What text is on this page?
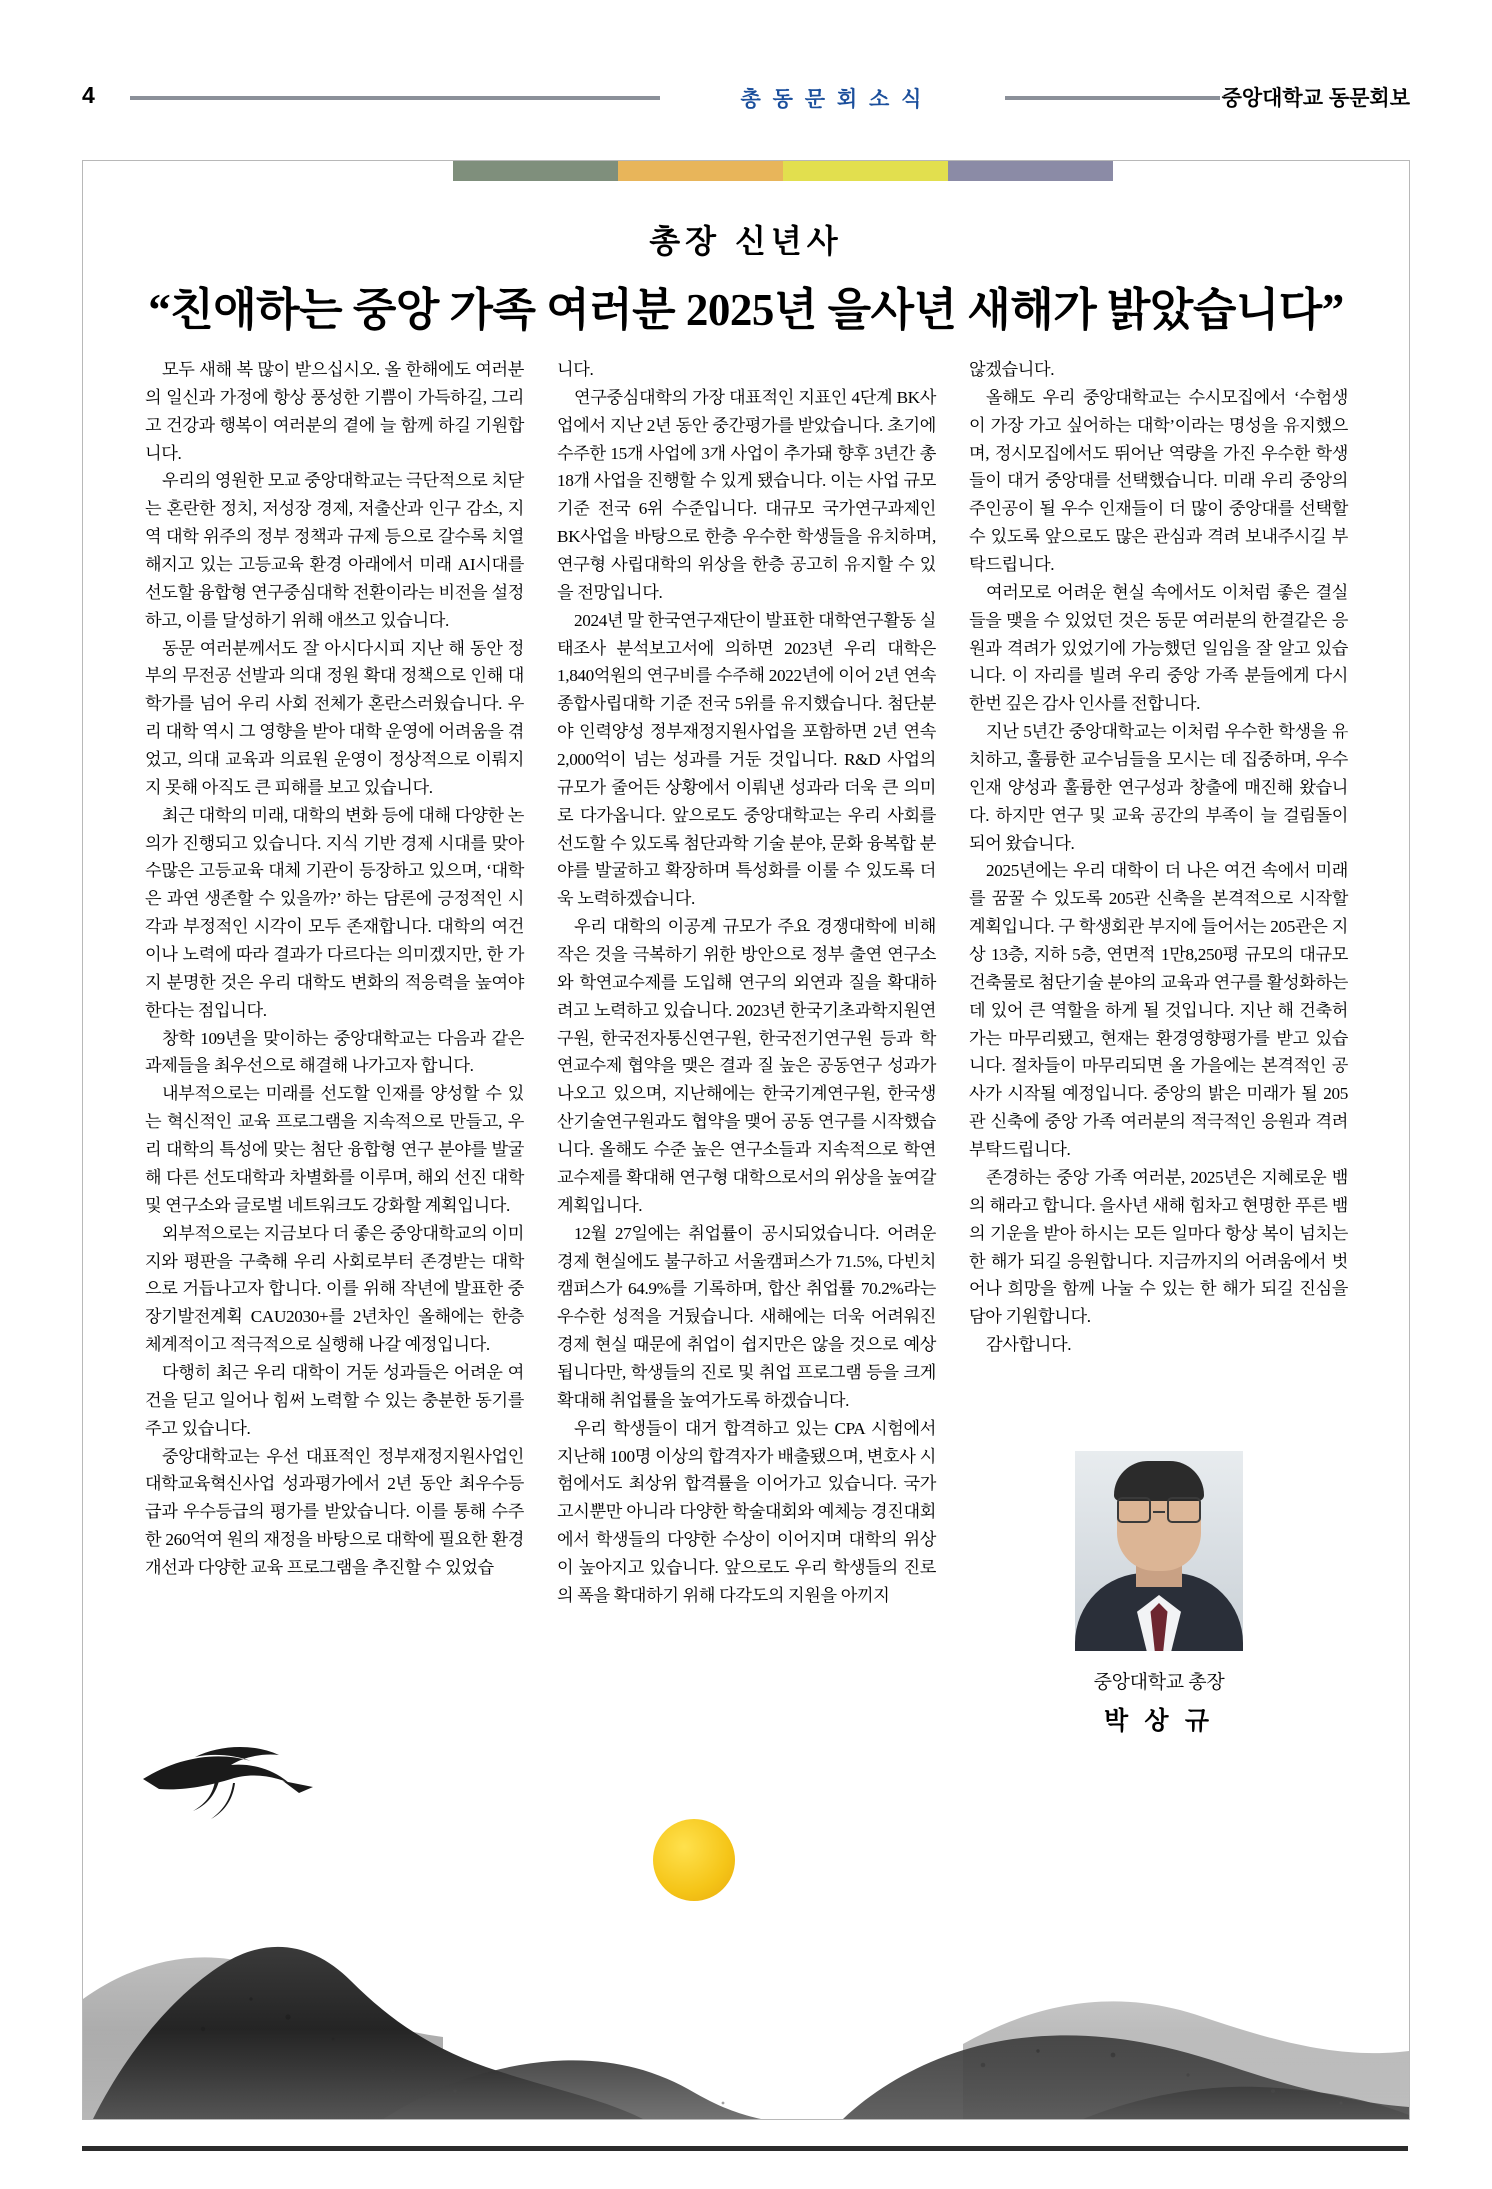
4	총 동 문 회 소 식	중앙대학교 동문회보
총장 신년사
“친애하는 중앙 가족 여러분 2025년 을사년 새해가 밝았습니다”

모두 새해 복 많이 받으십시오. 올 한해에도 여러분의 일신과 가정에 항상 풍성한 기쁨이 가득하길, 그리고 건강과 행복이 여러분의 곁에 늘 함께 하길 기원합니다.

우리의 영원한 모교 중앙대학교는 극단적으로 치닫는 혼란한 정치, 저성장 경제, 저출산과 인구 감소, 지역 대학 위주의 정부 정책과 규제 등으로 갈수록 치열해지고 있는 고등교육 환경 아래에서 미래 AI시대를 선도할 융합형 연구중심대학 전환이라는 비전을 설정하고, 이를 달성하기 위해 애쓰고 있습니다.

동문 여러분께서도 잘 아시다시피 지난 해 동안 정부의 무전공 선발과 의대 정원 확대 정책으로 인해 대학가를 넘어 우리 사회 전체가 혼란스러웠습니다. 우리 대학 역시 그 영향을 받아 대학 운영에 어려움을 겪었고, 의대 교육과 의료원 운영이 정상적으로 이뤄지지 못해 아직도 큰 피해를 보고 있습니다.

최근 대학의 미래, 대학의 변화 등에 대해 다양한 논의가 진행되고 있습니다. 지식 기반 경제 시대를 맞아 수많은 고등교육 대체 기관이 등장하고 있으며, ‘대학은 과연 생존할 수 있을까?’ 하는 담론에 긍정적인 시각과 부정적인 시각이 모두 존재합니다. 대학의 여건이나 노력에 따라 결과가 다르다는 의미겠지만, 한 가지 분명한 것은 우리 대학도 변화의 적응력을 높여야 한다는 점입니다.

창학 109년을 맞이하는 중앙대학교는 다음과 같은 과제들을 최우선으로 해결해 나가고자 합니다.

내부적으로는 미래를 선도할 인재를 양성할 수 있는 혁신적인 교육 프로그램을 지속적으로 만들고, 우리 대학의 특성에 맞는 첨단 융합형 연구 분야를 발굴해 다른 선도대학과 차별화를 이루며, 해외 선진 대학 및 연구소와 글로벌 네트워크도 강화할 계획입니다.

외부적으로는 지금보다 더 좋은 중앙대학교의 이미지와 평판을 구축해 우리 사회로부터 존경받는 대학으로 거듭나고자 합니다. 이를 위해 작년에 발표한 중장기발전계획 CAU2030+를 2년차인 올해에는 한층 체계적이고 적극적으로 실행해 나갈 예정입니다.

다행히 최근 우리 대학이 거둔 성과들은 어려운 여건을 딛고 일어나 힘써 노력할 수 있는 충분한 동기를 주고 있습니다.

중앙대학교는 우선 대표적인 정부재정지원사업인 대학교육혁신사업 성과평가에서 2년 동안 최우수등급과 우수등급의 평가를 받았습니다. 이를 통해 수주한 260억여 원의 재정을 바탕으로 대학에 필요한 환경 개선과 다양한 교육 프로그램을 추진할 수 있었습

니다.

연구중심대학의 가장 대표적인 지표인 4단계 BK사업에서 지난 2년 동안 중간평가를 받았습니다. 초기에 수주한 15개 사업에 3개 사업이 추가돼 향후 3년간 총 18개 사업을 진행할 수 있게 됐습니다. 이는 사업 규모 기준 전국 6위 수준입니다. 대규모 국가연구과제인 BK사업을 바탕으로 한층 우수한 학생들을 유치하며, 연구형 사립대학의 위상을 한층 공고히 유지할 수 있을 전망입니다.

2024년 말 한국연구재단이 발표한 대학연구활동 실태조사 분석보고서에 의하면 2023년 우리 대학은 1,840억원의 연구비를 수주해 2022년에 이어 2년 연속 종합사립대학 기준 전국 5위를 유지했습니다. 첨단분야 인력양성 정부재정지원사업을 포함하면 2년 연속 2,000억이 넘는 성과를 거둔 것입니다. R&D 사업의 규모가 줄어든 상황에서 이뤄낸 성과라 더욱 큰 의미로 다가옵니다. 앞으로도 중앙대학교는 우리 사회를 선도할 수 있도록 첨단과학 기술 분야, 문화 융복합 분야를 발굴하고 확장하며 특성화를 이룰 수 있도록 더욱 노력하겠습니다.

우리 대학의 이공계 규모가 주요 경쟁대학에 비해 작은 것을 극복하기 위한 방안으로 정부 출연 연구소와 학연교수제를 도입해 연구의 외연과 질을 확대하려고 노력하고 있습니다. 2023년 한국기초과학지원연구원, 한국전자통신연구원, 한국전기연구원 등과 학연교수제 협약을 맺은 결과 질 높은 공동연구 성과가 나오고 있으며, 지난해에는 한국기계연구원, 한국생산기술연구원과도 협약을 맺어 공동 연구를 시작했습니다. 올해도 수준 높은 연구소들과 지속적으로 학연교수제를 확대해 연구형 대학으로서의 위상을 높여갈 계획입니다.

12월 27일에는 취업률이 공시되었습니다. 어려운 경제 현실에도 불구하고 서울캠퍼스가 71.5%, 다빈치캠퍼스가 64.9%를 기록하며, 합산 취업률 70.2%라는 우수한 성적을 거뒀습니다. 새해에는 더욱 어려워진 경제 현실 때문에 취업이 쉽지만은 않을 것으로 예상됩니다만, 학생들의 진로 및 취업 프로그램 등을 크게 확대해 취업률을 높여가도록 하겠습니다.

우리 학생들이 대거 합격하고 있는 CPA 시험에서 지난해 100명 이상의 합격자가 배출됐으며, 변호사 시험에서도 최상위 합격률을 이어가고 있습니다. 국가고시뿐만 아니라 다양한 학술대회와 예체능 경진대회에서 학생들의 다양한 수상이 이어지며 대학의 위상이 높아지고 있습니다. 앞으로도 우리 학생들의 진로의 폭을 확대하기 위해 다각도의 지원을 아끼지

않겠습니다.

올해도 우리 중앙대학교는 수시모집에서 ‘수험생이 가장 가고 싶어하는 대학’이라는 명성을 유지했으며, 정시모집에서도 뛰어난 역량을 가진 우수한 학생들이 대거 중앙대를 선택했습니다. 미래 우리 중앙의 주인공이 될 우수 인재들이 더 많이 중앙대를 선택할 수 있도록 앞으로도 많은 관심과 격려 보내주시길 부탁드립니다.

여러모로 어려운 현실 속에서도 이처럼 좋은 결실들을 맺을 수 있었던 것은 동문 여러분의 한결같은 응원과 격려가 있었기에 가능했던 일임을 잘 알고 있습니다. 이 자리를 빌려 우리 중앙 가족 분들에게 다시 한번 깊은 감사 인사를 전합니다.

지난 5년간 중앙대학교는 이처럼 우수한 학생을 유치하고, 훌륭한 교수님들을 모시는 데 집중하며, 우수 인재 양성과 훌륭한 연구성과 창출에 매진해 왔습니다. 하지만 연구 및 교육 공간의 부족이 늘 걸림돌이 되어 왔습니다.

2025년에는 우리 대학이 더 나은 여건 속에서 미래를 꿈꿀 수 있도록 205관 신축을 본격적으로 시작할 계획입니다. 구 학생회관 부지에 들어서는 205관은 지상 13층, 지하 5층, 연면적 1만8,250평 규모의 대규모 건축물로 첨단기술 분야의 교육과 연구를 활성화하는 데 있어 큰 역할을 하게 될 것입니다. 지난 해 건축허가는 마무리됐고, 현재는 환경영향평가를 받고 있습니다. 절차들이 마무리되면 올 가을에는 본격적인 공사가 시작될 예정입니다. 중앙의 밝은 미래가 될 205관 신축에 중앙 가족 여러분의 적극적인 응원과 격려 부탁드립니다.

존경하는 중앙 가족 여러분, 2025년은 지혜로운 뱀의 해라고 합니다. 을사년 새해 힘차고 현명한 푸른 뱀의 기운을 받아 하시는 모든 일마다 항상 복이 넘치는 한 해가 되길 응원합니다. 지금까지의 어려움에서 벗어나 희망을 함께 나눌 수 있는 한 해가 되길 진심을 담아 기원합니다.

감사합니다.

중앙대학교 총장
박 상 규
